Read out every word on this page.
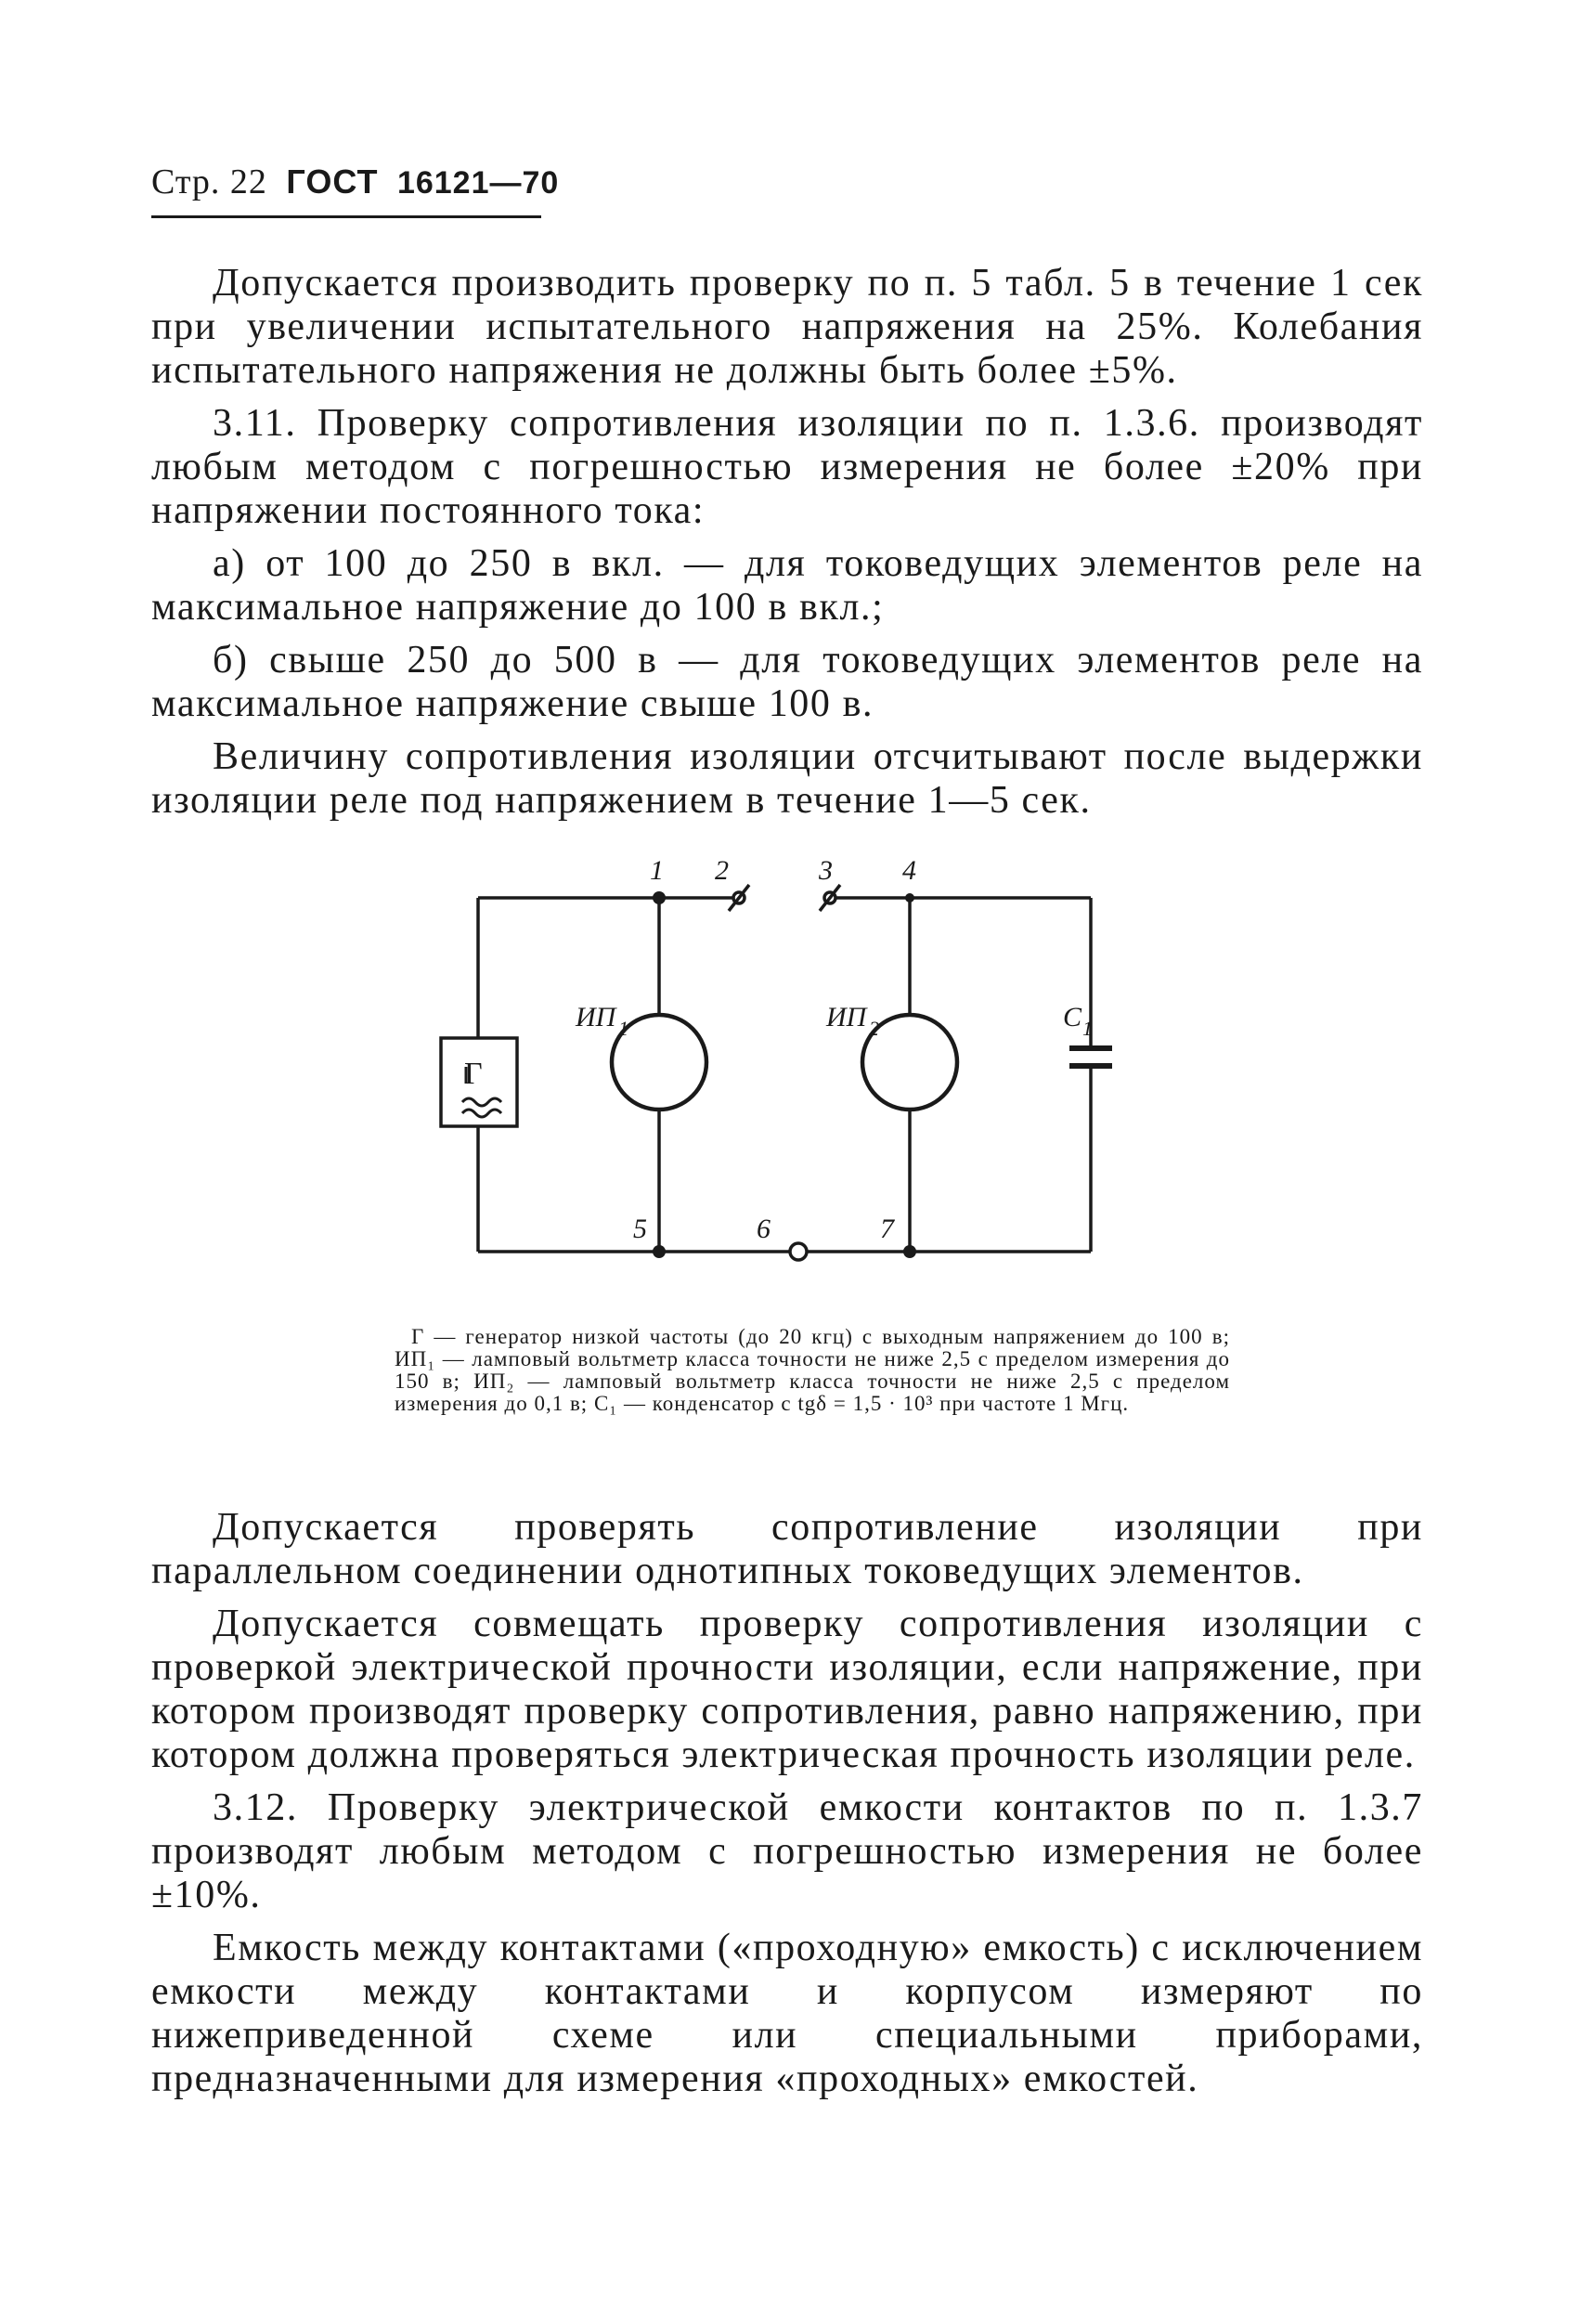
Стр. 22 ГОСТ 16121—70

Допускается производить проверку по п. 5 табл. 5 в течение 1 сек при увеличении испытательного напряжения на 25%. Колебания испытательного напряжения не должны быть более ±5%.

3.11. Проверку сопротивления изоляции по п. 1.3.6. производят любым методом с погрешностью измерения не более ±20% при напряжении постоянного тока:

а) от 100 до 250 в вкл. — для токоведущих элементов реле на максимальное напряжение до 100 в вкл.;

б) свыше 250 до 500 в — для токоведущих элементов реле на максимальное напряжение свыше 100 в.

Величину сопротивления изоляции отсчитывают после выдержки изоляции реле под напряжением в течение 1—5 сек.

1 2	3	4
5	6	7
Г
ИП 1	ИП 2	C 1

Г — генератор низкой частоты (до 20 кгц) с выходным напряжением до 100 в; ИП₁ — ламповый вольтметр класса точности не ниже 2,5 с пределом измерения до 150 в; ИП₂ — ламповый вольтметр класса точности не ниже 2,5 с пределом измерения до 0,1 в; C₁ — конденсатор с tgδ = 1,5 · 10³ при частоте 1 Мгц.

Допускается проверять сопротивление изоляции при параллельном соединении однотипных токоведущих элементов.

Допускается совмещать проверку сопротивления изоляции с проверкой электрической прочности изоляции, если напряжение, при котором производят проверку сопротивления, равно напряжению, при котором должна проверяться электрическая прочность изоляции реле.

3.12. Проверку электрической емкости контактов по п. 1.3.7 производят любым методом с погрешностью измерения не более ±10%.

Емкость между контактами («проходную» емкость) с исключением емкости между контактами и корпусом измеряют по нижеприведенной схеме или специальными приборами, предназначенными для измерения «проходных» емкостей.
